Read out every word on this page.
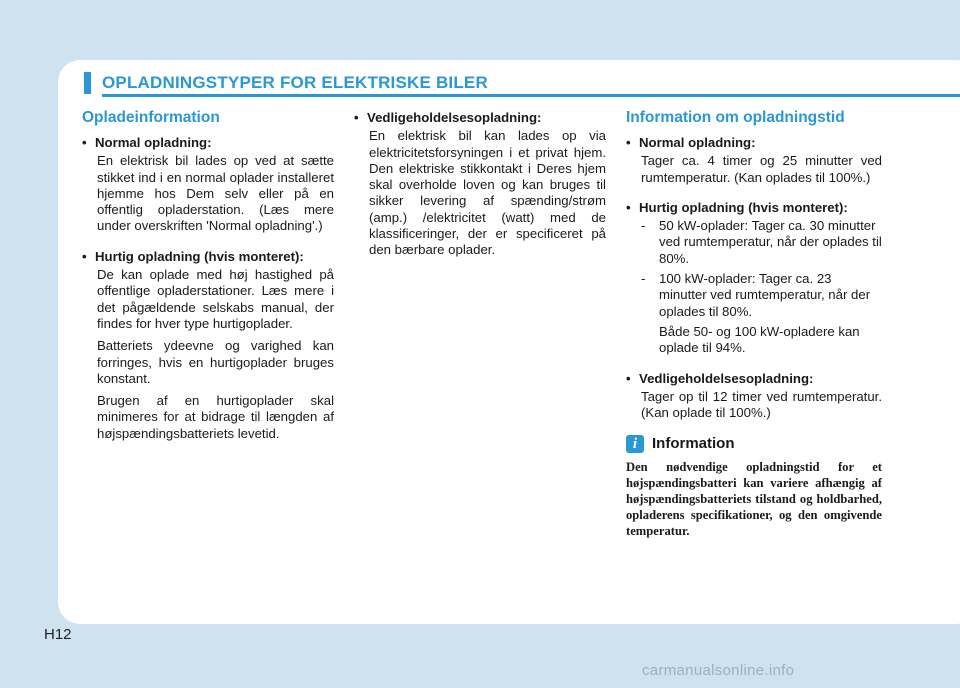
OPLADNINGSTYPER FOR ELEKTRISKE BILER
Opladeinformation

• Normal opladning:

En elektrisk bil lades op ved at sætte stikket ind i en normal oplader installeret hjemme hos Dem selv eller på en offentlig opladerstation. (Læs mere under overskriften 'Normal opladning'.)

• Hurtig opladning (hvis monteret):

De kan oplade med høj hastighed på offentlige opladerstationer. Læs mere i det pågældende selskabs manual, der findes for hver type hurtigoplader.

Batteriets ydeevne og varighed kan forringes, hvis en hurtigoplader bruges konstant.

Brugen af en hurtigoplader skal minimeres for at bidrage til længden af højspændingsbatteriets levetid.

• Vedligeholdelsesopladning:

En elektrisk bil kan lades op via elektricitetsforsyningen i et privat hjem. Den elektriske stikkontakt i Deres hjem skal overholde loven og kan bruges til sikker levering af spænding/strøm (amp.) /elektricitet (watt) med de klassificeringer, der er specificeret på den bærbare oplader.

Information om opladningstid

• Normal opladning:

Tager ca. 4 timer og 25 minutter ved rumtemperatur. (Kan oplades til 100%.)

• Hurtig opladning (hvis monteret):

- 50 kW-oplader: Tager ca. 30 minutter ved rumtemperatur, når der oplades til 80%.

- 100 kW-oplader: Tager ca. 23 minutter ved rumtemperatur, når der oplades til 80%.

Både 50- og 100 kW-opladere kan oplade til 94%.

• Vedligeholdelsesopladning:

Tager op til 12 timer ved rumtemperatur. (Kan oplade til 100%.)

i Information
Den nødvendige opladningstid for et højspændingsbatteri kan variere afhængig af højspændingsbatteriets tilstand og holdbarhed, opladerens specifikationer, og den omgivende temperatur.
H12
carmanualsonline.info
